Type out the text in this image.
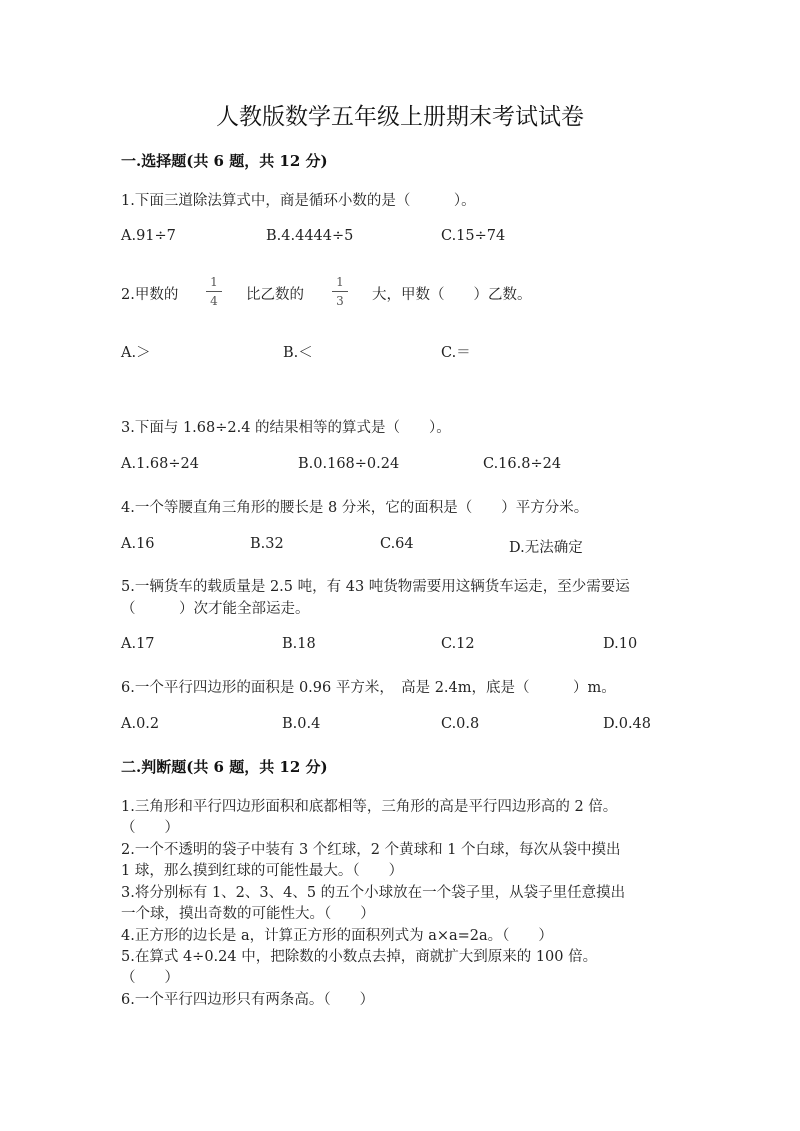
人教版数学五年级上册期末考试试卷
一.选择题(共 6 题，共 12 分)
1.下面三道除法算式中，商是循环小数的是（　　　）。
A.91÷7	B.4.4444÷5	C.15÷74
2.甲数的
1
4 比乙数的
1
3 大，甲数（　　）乙数。
A.＞	B.＜	C.＝
3.下面与 1.68÷2.4 的结果相等的算式是（　　）。
A.1.68÷24	B.0.168÷0.24	C.16.8÷24
4.一个等腰直角三角形的腰长是 8 分米，它的面积是（　　）平方分米。
A.16	B.32	C.64	D.无法确定
5.一辆货车的载质量是 2.5 吨，有 43 吨货物需要用这辆货车运走，至少需要运
（　　　）次才能全部运走。
A.17	B.18	C.12	D.10
6.一个平行四边形的面积是 0.96 平方米，　高是 2.4m，底是（　　　）m。
A.0.2	B.0.4	C.0.8	D.0.48
二.判断题(共 6 题，共 12 分)
1.三角形和平行四边形面积和底都相等，三角形的高是平行四边形高的 2 倍。
（　　）
2.一个不透明的袋子中装有 3 个红球，2 个黄球和 1 个白球，每次从袋中摸出
1 球，那么摸到红球的可能性最大。（　　）
3.将分别标有 1、2、3、4、5 的五个小球放在一个袋子里，从袋子里任意摸出
一个球，摸出奇数的可能性大。（　　）
4.正方形的边长是 a，计算正方形的面积列式为 a×a=2a。（　　）
5.在算式 4÷0.24 中，把除数的小数点去掉，商就扩大到原来的 100 倍。
（　　）
6.一个平行四边形只有两条高。（　　）
